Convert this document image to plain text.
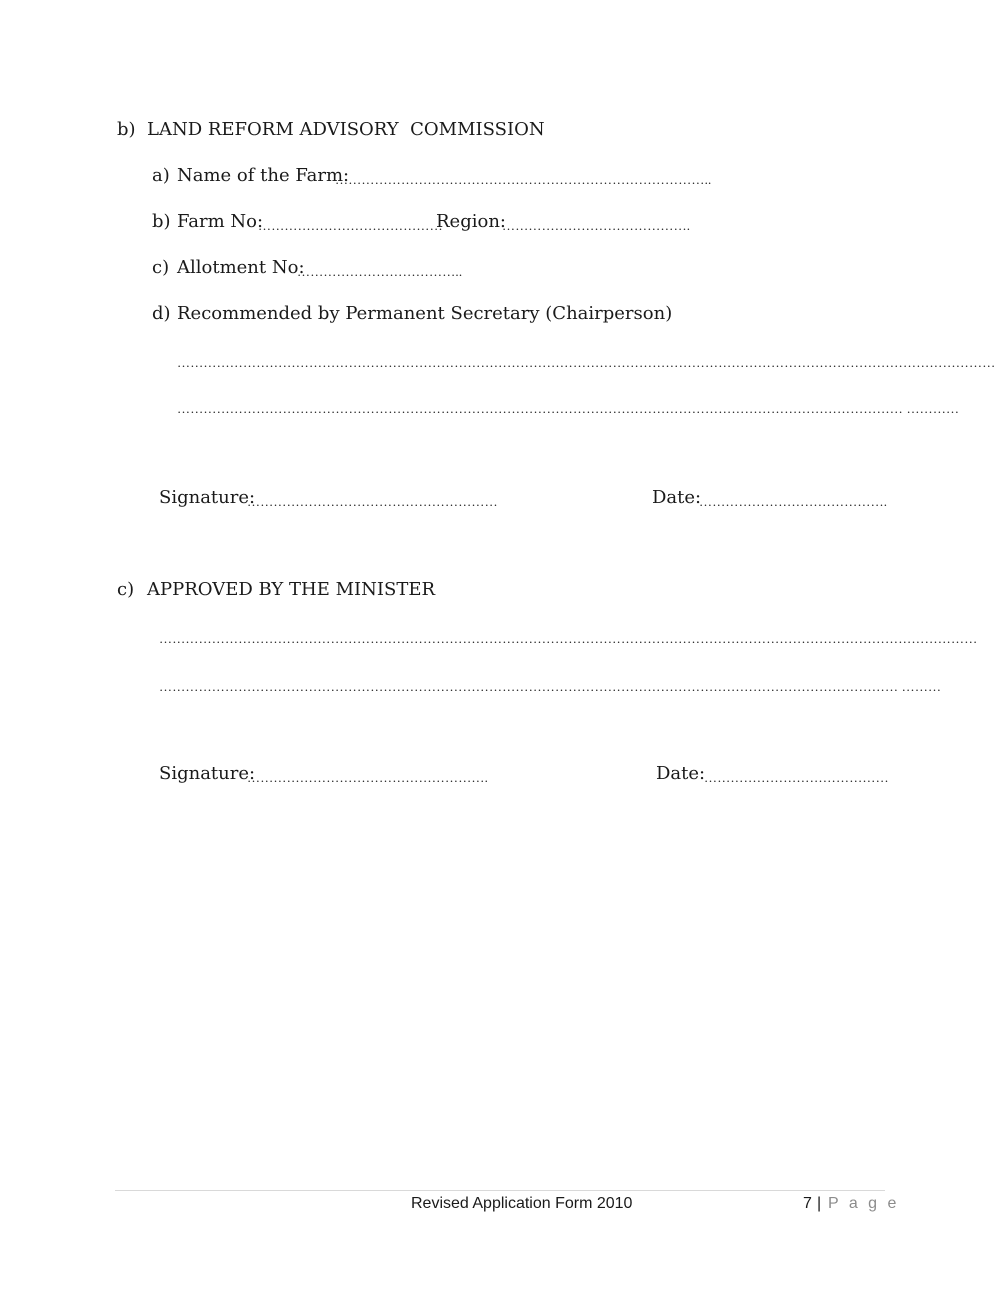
b) LAND REFORM ADVISORY  COMMISSION
a) Name of the Farm:
…………………………………………………………………………..
b) Farm No:
……………………………………
Region:
…………………………………….
c) Allotment No:
………………………………..
d) Recommended by Permanent Secretary (Chairperson)
……………………………………………………………………………………………………………………………………………………………………
………………………………………………………………………………………………………………………………………………… …………
Signature:
…………………………………………………	Date:
…………………………………….
c) APPROVED BY THE MINISTER
……………………………………………………………………………………………………………………………………………………………………
…………………………………………………………………………………………………………………………………………………… ………
Signature:
……………………………………………….	Date:
……………………………………
Revised Application Form 2010	7 | P a g e
